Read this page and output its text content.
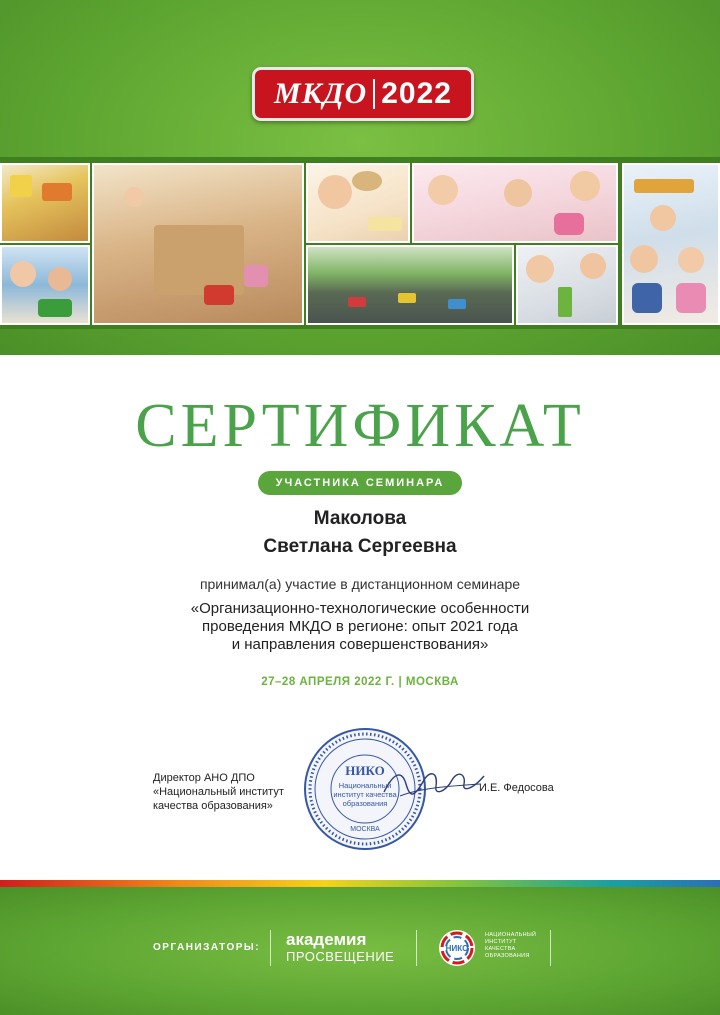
МКДО 2022
СЕРТИФИКАТ
УЧАСТНИКА СЕМИНАРА
Маколова
Светлана Сергеевна
принимал(а) участие в дистанционном семинаре
«Организационно-технологические особенности
проведения МКДО в регионе: опыт 2021 года
и направления совершенствования»
27–28 АПРЕЛЯ 2022 Г. | МОСКВА
Директор АНО ДПО
«Национальный институт
качества образования»
НИКО
Национальный
институт качества
образования
МОСКВА
И.Е. Федосова
ОРГАНИЗАТОРЫ: академия
ПРОСВЕЩЕНИЕ
НИКО
НАЦИОНАЛЬНЫЙ
ИНСТИТУТ
КАЧЕСТВА
ОБРАЗОВАНИЯ
